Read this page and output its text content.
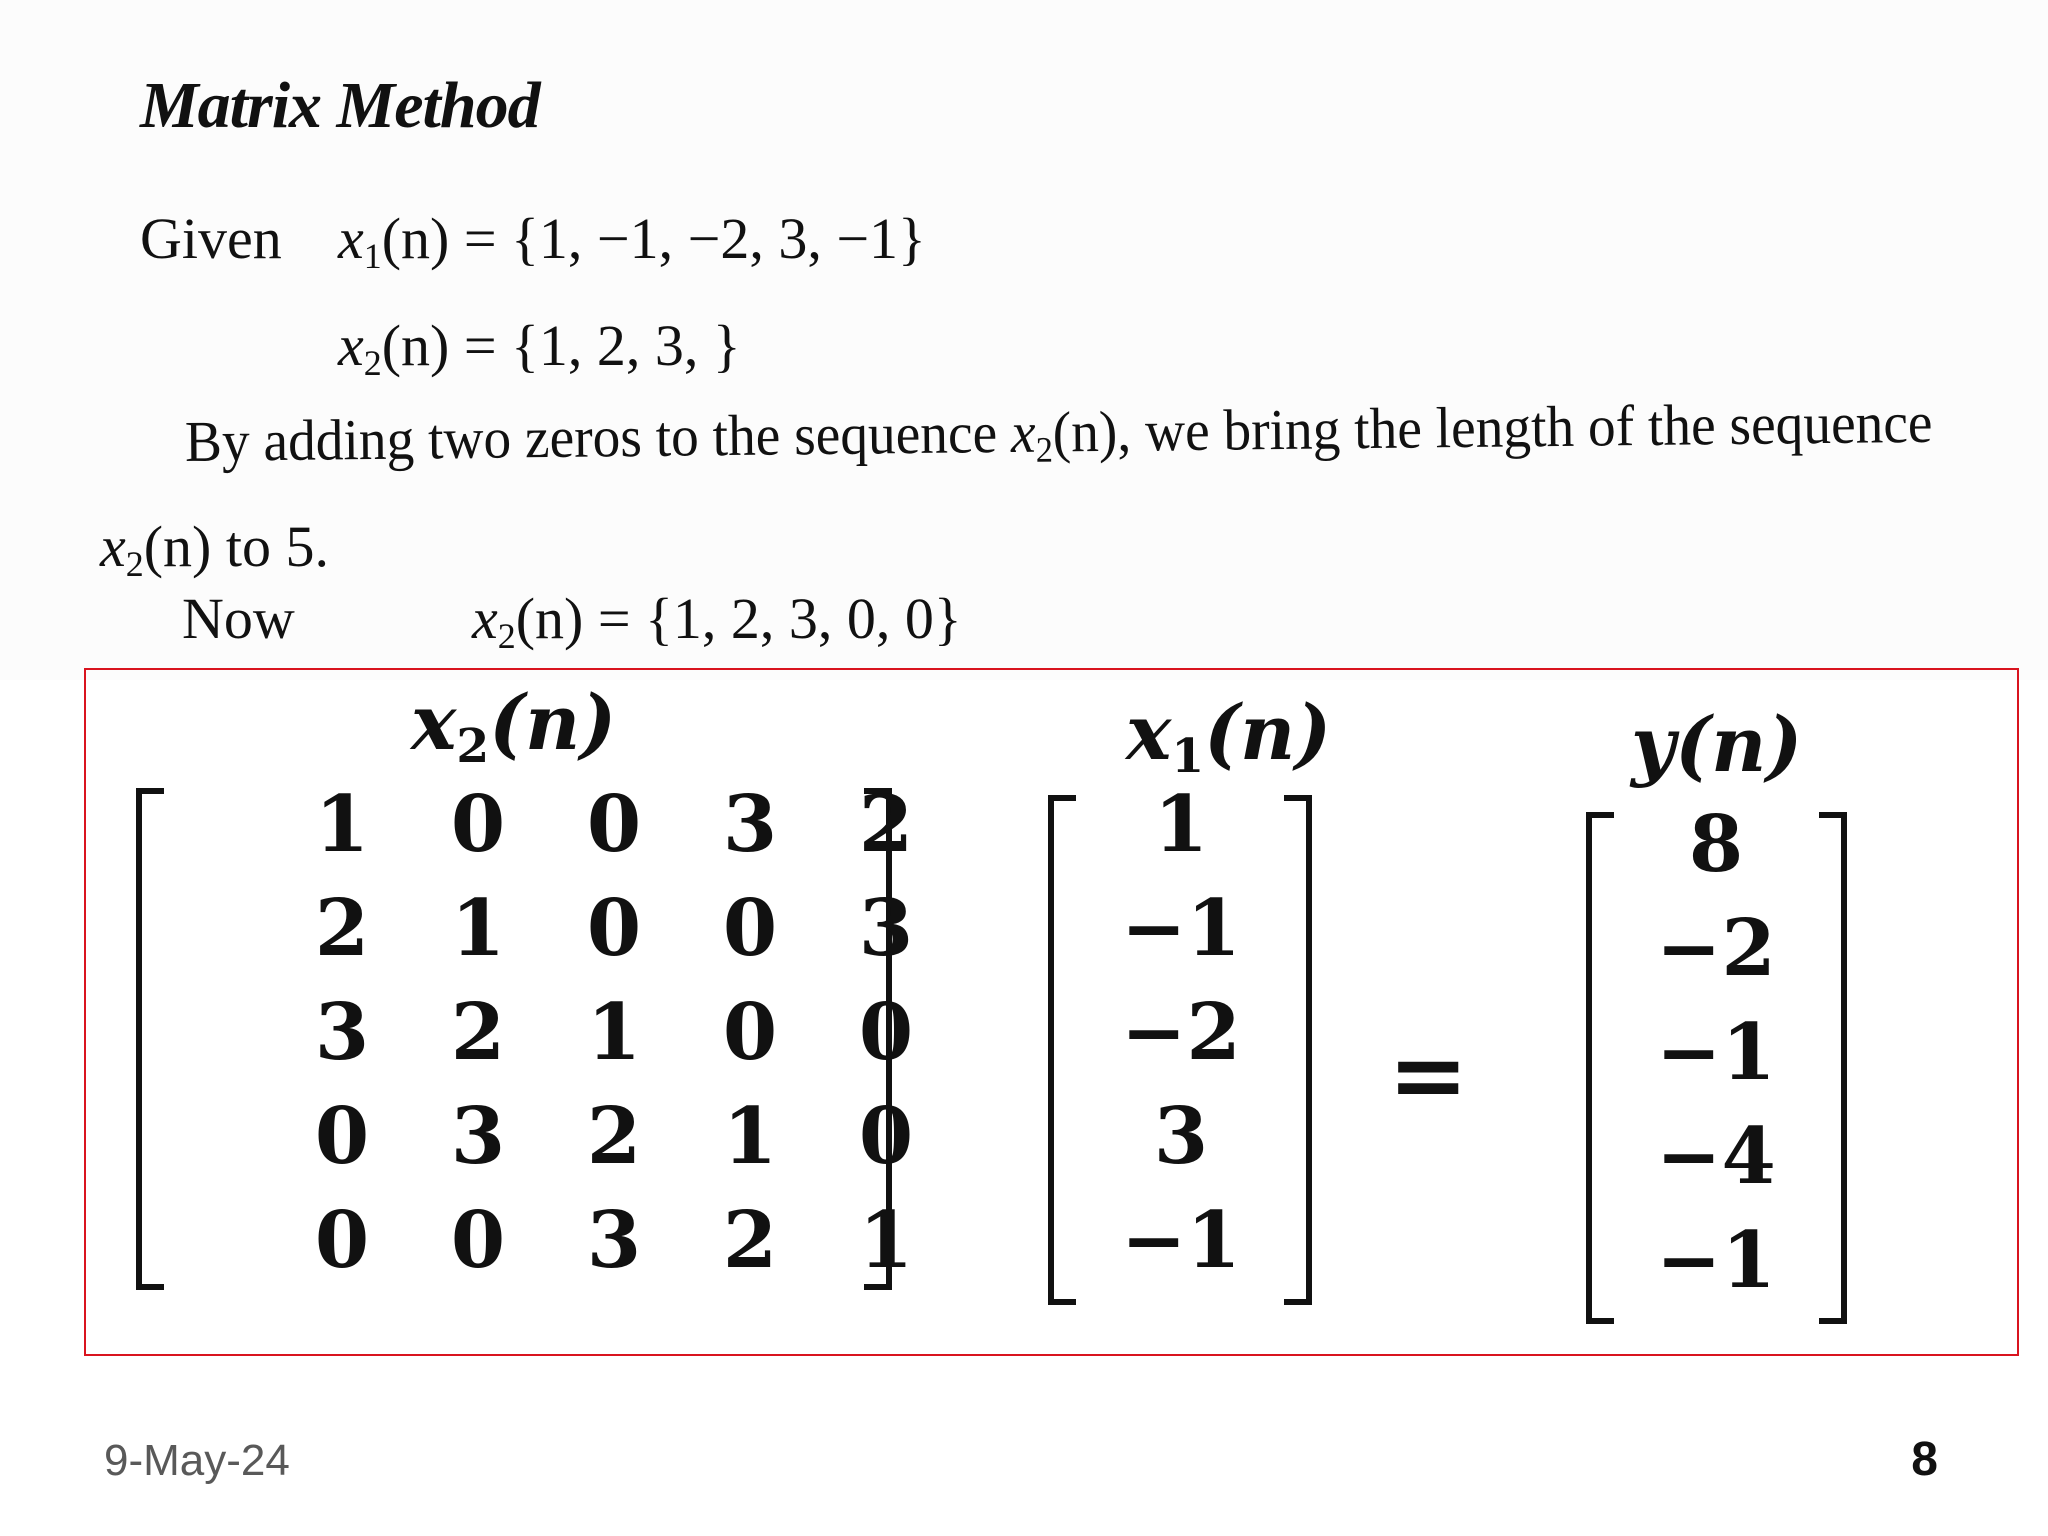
Matrix Method
Given $x_1(n) = \{1$, −1, −2, 3, −1}
$x_2(n) = \{1$, 2, 3, }
By adding two zeros to the sequence $x_2(n)$, we bring the length of the sequence
$x_2(n)$ to 5.
Now	$x_2(n) = \{1$, 2, 3, 0, 0}
$x_2(n)$	$x_1(n)$	y(n)
1	0	0	3	2
2	1	0	0	3
3	2	1	0	0
0	3	2	1	0
0	0	3	2	1
1
−1
−2
3
−1
=
8
−2
−1
−4
−1
9-May-24	8
